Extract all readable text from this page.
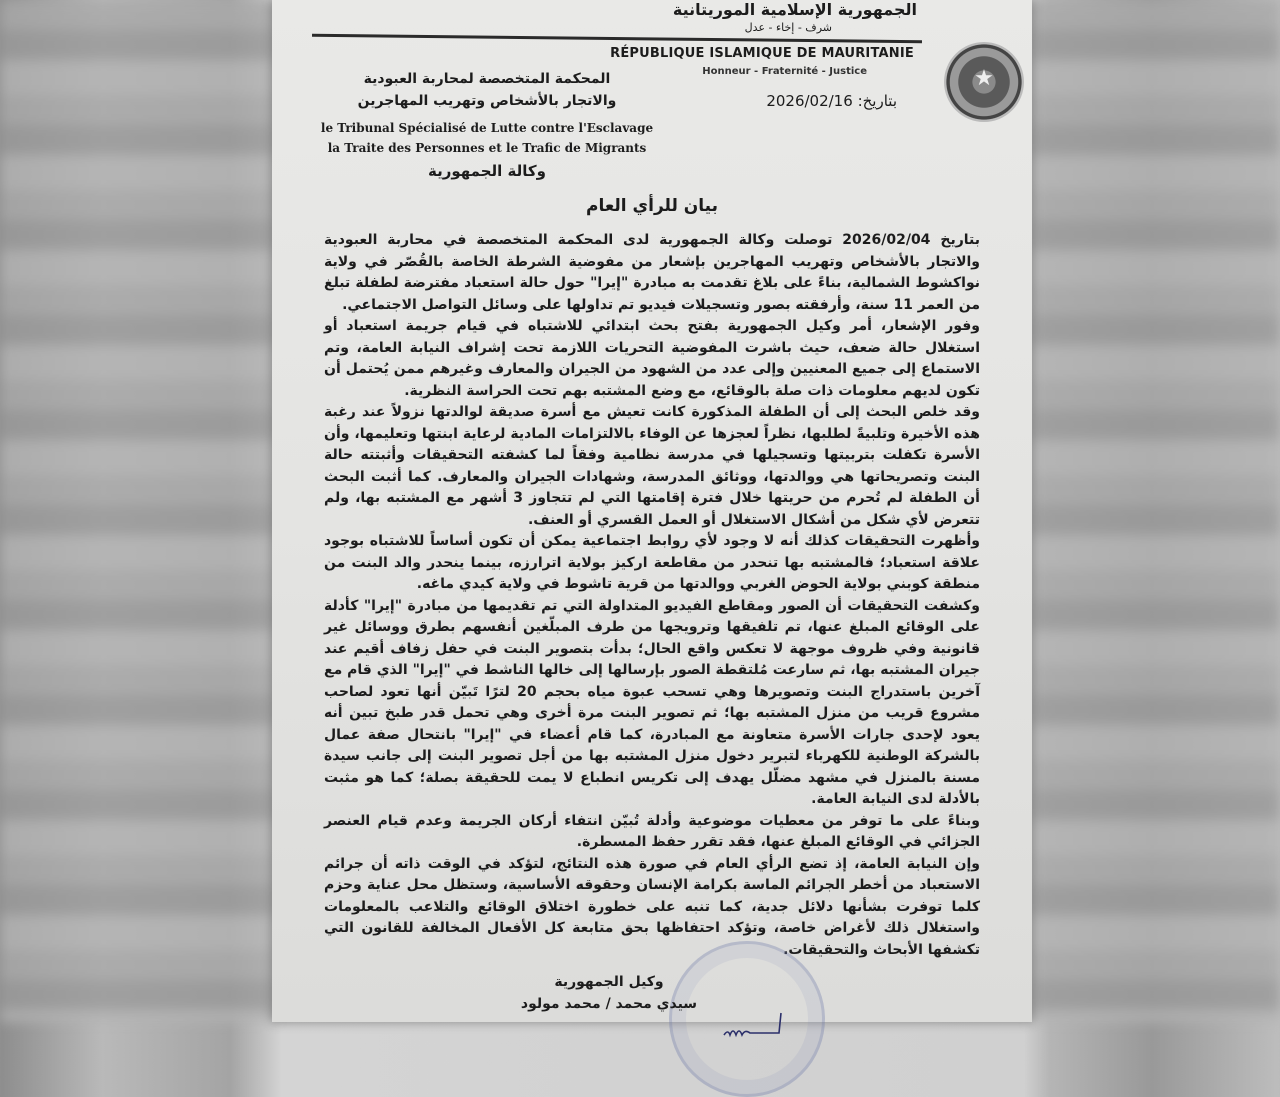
الجمهورية الإسلامية الموريتانية
شرف - إخاء - عدل
RÉPUBLIQUE ISLAMIQUE DE MAURITANIE
Honneur - Fraternité - Justice	★
بتاريخ: 2026/02/16
المحكمة المتخصصة لمحاربة العبودية
والاتجار بالأشخاص وتهريب المهاجرين
le Tribunal Spécialisé de Lutte contre l'Esclavage
la Traite des Personnes et le Trafic de Migrants
وكالة الجمهورية
بيان للرأي العام

بتاريخ 2026/02/04 توصلت وكالة الجمهورية لدى المحكمة المتخصصة في محاربة العبودية والاتجار بالأشخاص وتهريب المهاجرين بإشعار من مفوضية الشرطة الخاصة بالقُصّر في ولاية نواكشوط الشمالية، بناءً على بلاغ تقدمت به مبادرة "إيرا" حول حالة استعباد مفترضة لطفلة تبلغ من العمر 11 سنة، وأرفقته بصور وتسجيلات فيديو تم تداولها على وسائل التواصل الاجتماعي.

وفور الإشعار، أمر وكيل الجمهورية بفتح بحث ابتدائي للاشتباه في قيام جريمة استعباد أو استغلال حالة ضعف، حيث باشرت المفوضية التحريات اللازمة تحت إشراف النيابة العامة، وتم الاستماع إلى جميع المعنيين وإلى عدد من الشهود من الجيران والمعارف وغيرهم ممن يُحتمل أن تكون لديهم معلومات ذات صلة بالوقائع، مع وضع المشتبه بهم تحت الحراسة النظرية.

وقد خلص البحث إلى أن الطفلة المذكورة كانت تعيش مع أسرة صديقة لوالدتها نزولاً عند رغبة هذه الأخيرة وتلبيةً لطلبها، نظراً لعجزها عن الوفاء بالالتزامات المادية لرعاية ابنتها وتعليمها، وأن الأسرة تكفلت بتربيتها وتسجيلها في مدرسة نظامية وفقاً لما كشفته التحقيقات وأثبتته حالة البنت وتصريحاتها هي ووالدتها، ووثائق المدرسة، وشهادات الجيران والمعارف. كما أثبت البحث أن الطفلة لم تُحرم من حريتها خلال فترة إقامتها التي لم تتجاوز 3 أشهر مع المشتبه بها، ولم تتعرض لأي شكل من أشكال الاستغلال أو العمل القسري أو العنف.

وأظهرت التحقيقات كذلك أنه لا وجود لأي روابط اجتماعية يمكن أن تكون أساساً للاشتباه بوجود علاقة استعباد؛ فالمشتبه بها تنحدر من مقاطعة اركيز بولاية اترارزه، بينما ينحدر والد البنت من منطقة كوبني بولاية الحوض الغربي ووالدتها من قرية تاشوط في ولاية كيدي ماغه.

وكشفت التحقيقات أن الصور ومقاطع الفيديو المتداولة التي تم تقديمها من مبادرة "إيرا" كأدلة على الوقائع المبلغ عنها، تم تلفيقها وترويجها من طرف المبلّغين أنفسهم بطرق ووسائل غير قانونية وفي ظروف موجهة لا تعكس واقع الحال؛ بدأت بتصوير البنت في حفل زفاف أقيم عند جيران المشتبه بها، ثم سارعت مُلتقطة الصور بإرسالها إلى خالها الناشط في "إيرا" الذي قام مع آخرين باستدراج البنت وتصويرها وهي تسحب عبوة مياه بحجم 20 لترًا تَبيّن أنها تعود لصاحب مشروع قريب من منزل المشتبه بها؛ ثم تصوير البنت مرة أخرى وهي تحمل قدر طبخ تبين أنه يعود لإحدى جارات الأسرة متعاونة مع المبادرة، كما قام أعضاء في "إيرا" بانتحال صفة عمال بالشركة الوطنية للكهرباء لتبرير دخول منزل المشتبه بها من أجل تصوير البنت إلى جانب سيدة مسنة بالمنزل في مشهد مضلّل يهدف إلى تكريس انطباع لا يمت للحقيقة بصلة؛ كما هو مثبت بالأدلة لدى النيابة العامة.

وبناءً على ما توفر من معطيات موضوعية وأدلة تُبيّن انتفاء أركان الجريمة وعدم قيام العنصر الجزائي في الوقائع المبلغ عنها، فقد تقرر حفظ المسطرة.

وإن النيابة العامة، إذ تضع الرأي العام في صورة هذه النتائج، لتؤكد في الوقت ذاته أن جرائم الاستعباد من أخطر الجرائم الماسة بكرامة الإنسان وحقوقه الأساسية، وستظل محل عناية وحزم كلما توفرت بشأنها دلائل جدية، كما تنبه على خطورة اختلاق الوقائع والتلاعب بالمعلومات واستغلال ذلك لأغراض خاصة، وتؤكد احتفاظها بحق متابعة كل الأفعال المخالفة للقانون التي تكشفها الأبحاث والتحقيقات.

وكيل الجمهورية
سيدي محمد / محمد مولود
